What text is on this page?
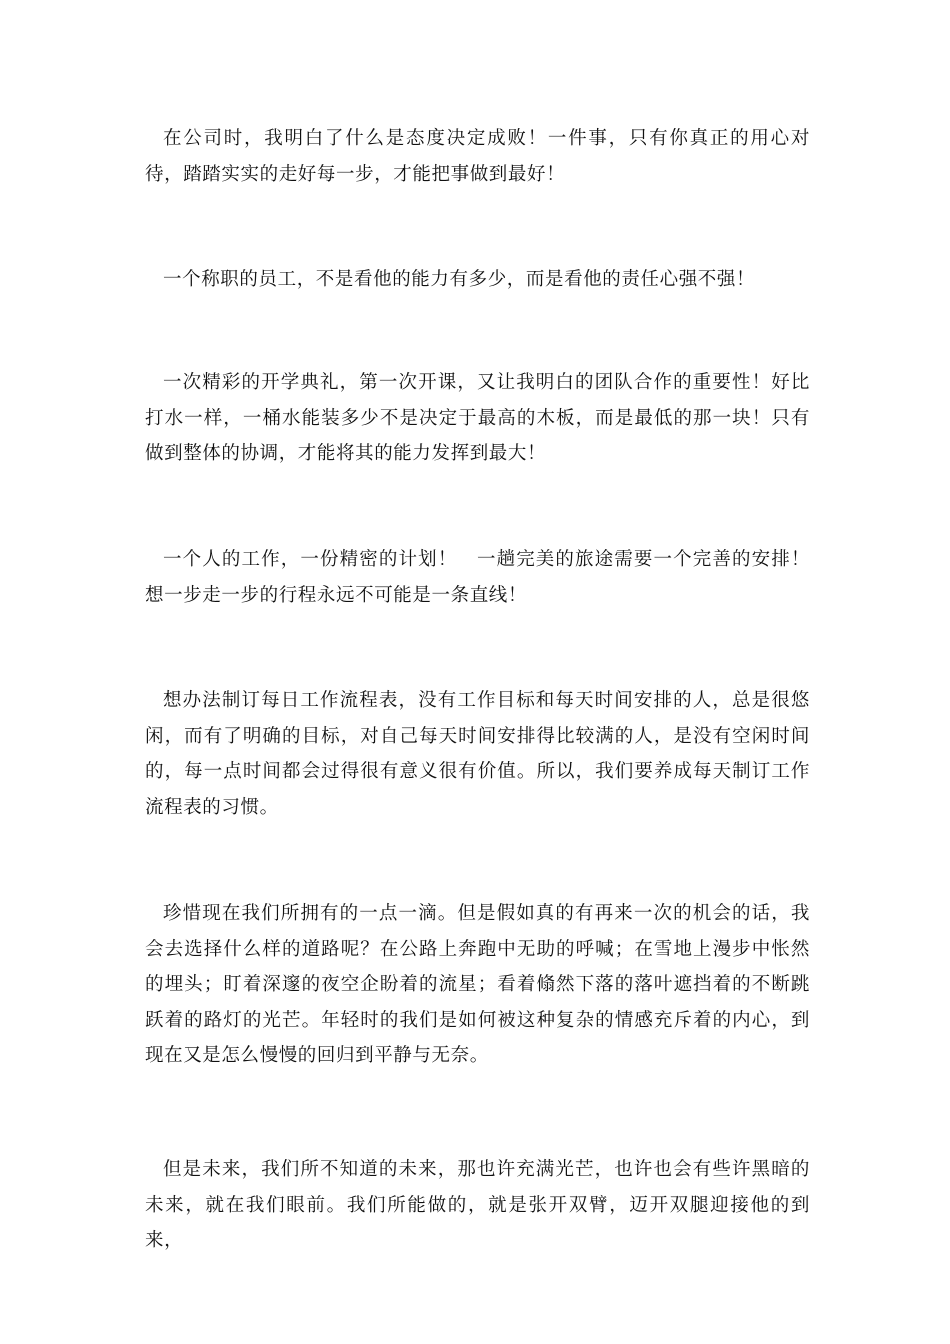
在公司时，我明白了什么是态度决定成败！一件事，只有你真正的用心对待，踏踏实实的走好每一步，才能把事做到最好！

一个称职的员工，不是看他的能力有多少，而是看他的责任心强不强！

一次精彩的开学典礼，第一次开课，又让我明白的团队合作的重要性！好比打水一样，一桶水能装多少不是决定于最高的木板，而是最低的那一块！只有做到整体的协调，才能将其的能力发挥到最大！

一个人的工作，一份精密的计划！　一趟完美的旅途需要一个完善的安排！想一步走一步的行程永远不可能是一条直线！

想办法制订每日工作流程表，没有工作目标和每天时间安排的人，总是很悠闲，而有了明确的目标，对自己每天时间安排得比较满的人，是没有空闲时间的，每一点时间都会过得很有意义很有价值。所以，我们要养成每天制订工作流程表的习惯。

珍惜现在我们所拥有的一点一滴。但是假如真的有再来一次的机会的话，我会去选择什么样的道路呢？在公路上奔跑中无助的呼喊；在雪地上漫步中怅然的埋头；盯着深邃的夜空企盼着的流星；看着翛然下落的落叶遮挡着的不断跳跃着的路灯的光芒。年轻时的我们是如何被这种复杂的情感充斥着的内心，到现在又是怎么慢慢的回归到平静与无奈。

但是未来，我们所不知道的未来，那也许充满光芒，也许也会有些许黑暗的未来，就在我们眼前。我们所能做的，就是张开双臂，迈开双腿迎接他的到来，
